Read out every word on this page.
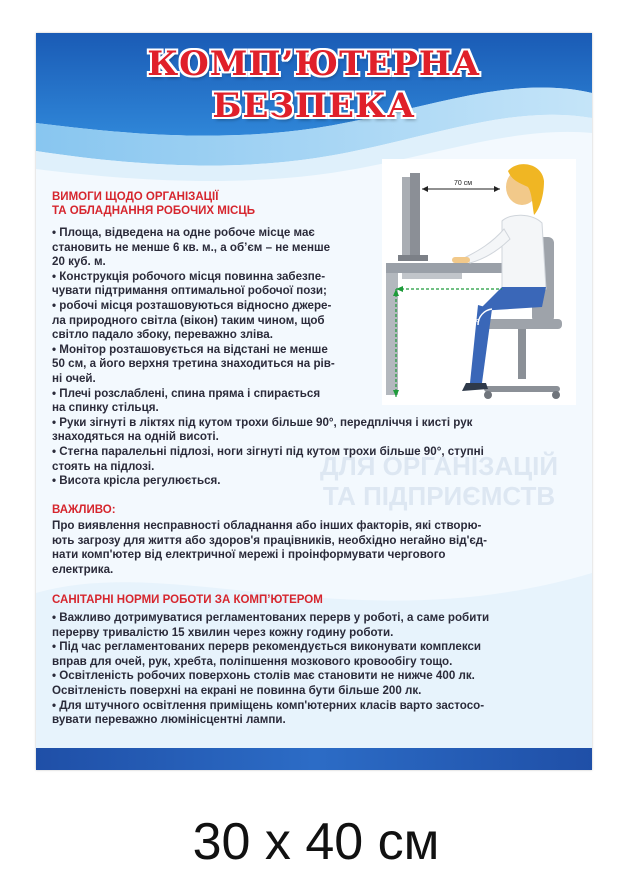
КОМП’ЮТЕРНА
БЕЗПЕКА
70 см
90°
ДЛЯ ОРГАНІЗАЦІЙ
ТА ПІДПРИЄМСТВ
ВИМОГИ ЩОДО ОРГАНІЗАЦІЇ
ТА ОБЛАДНАННЯ РОБОЧИХ МІСЦЬ

• Площа, відведена на одне робоче місце має

становить не менше 6 кв. м., а об’єм – не менше

20 куб. м.

• Конструкція робочого місця повинна забезпе-

чувати підтримання оптимальної робочої пози;

• робочі місця розташовуються відносно джере-

ла природного світла (вікон) таким чином, щоб

світло падало збоку, переважно зліва.

• Монітор розташовується на відстані не менше

50 см, а його верхня третина знаходиться на рів-

ні очей.

• Плечі розслаблені, спина пряма і спирається

на спинку стільця.

• Руки зігнуті в ліктях під кутом трохи більше 90°, передпліччя і кисті рук

знаходяться на одній висоті.

• Стегна паралельні підлозі, ноги зігнуті під кутом трохи більше 90°, ступні

стоять на підлозі.

• Висота крісла регулюється.

ВАЖЛИВО:

Про виявлення несправності обладнання або інших факторів, які створю-

ють загрозу для життя або здоров'я працівників, необхідно негайно від'єд-

нати комп'ютер від електричної мережі і проінформувати чергового

електрика.

САНІТАРНІ НОРМИ РОБОТИ ЗА КОМП’ЮТЕРОМ

• Важливо дотримуватися регламентованих перерв у роботі, а саме робити

перерву тривалістю 15 хвилин через кожну годину роботи.

• Під час регламентованих перерв рекомендується виконувати комплекси

вправ для очей, рук, хребта, поліпшення мозкового кровообігу тощо.

• Освітленість робочих поверхонь столів має становити не нижче 400 лк.

Освітленість поверхні на екрані не повинна бути більше 200 лк.

• Для штучного освітлення приміщень комп'ютерних класів варто застосо-

вувати переважно люмінісцентні лампи.

30 x 40 см
